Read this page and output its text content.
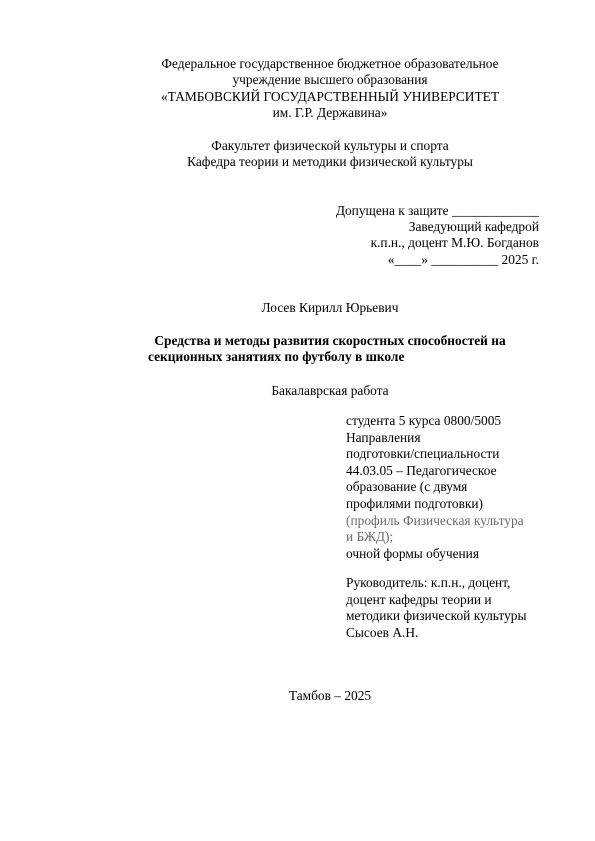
Федеральное государственное бюджетное образовательное
учреждение высшего образования
«ТАМБОВСКИЙ ГОСУДАРСТВЕННЫЙ УНИВЕРСИТЕТ
им. Г.Р. Державина»
Факультет физической культуры и спорта
Кафедра теории и методики физической культуры
Допущена к защите _____________
Заведующий кафедрой
к.п.н., доцент М.Ю. Богданов
«____» __________ 2025 г.
Лосев Кирилл Юрьевич
Средства и методы развития скоростных способностей на
секционных занятиях по футболу в школе
Бакалаврская работа
студента 5 курса 0800/5005
Направления
подготовки/специальности
44.03.05 – Педагогическое
образование (с двумя
профилями подготовки)
(профиль Физическая культура
и БЖД);
очной формы обучения
Руководитель: к.п.н., доцент,
доцент кафедры теории и
методики физической культуры
Сысоев А.Н.
Тамбов – 2025
